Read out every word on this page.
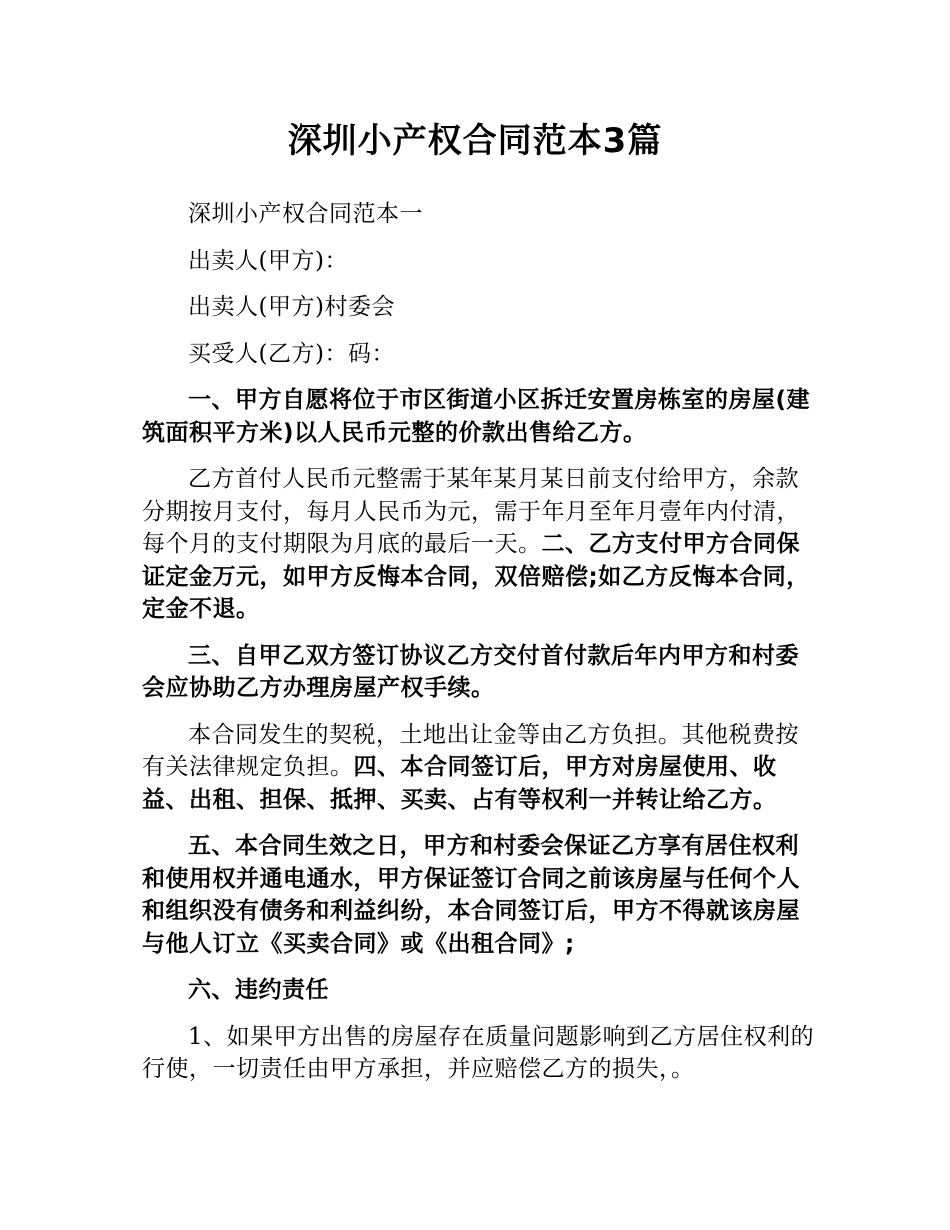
深圳小产权合同范本3篇

深圳小产权合同范本一

出卖人(甲方)：

出卖人(甲方)村委会

买受人(乙方)：码：

一、甲方自愿将位于市区街道小区拆迁安置房栋室的房屋(建筑面积平方米)以人民币元整的价款出售给乙方。

乙方首付人民币元整需于某年某月某日前支付给甲方，余款分期按月支付，每月人民币为元，需于年月至年月壹年内付清，每个月的支付期限为月底的最后一天。二、乙方支付甲方合同保证定金万元，如甲方反悔本合同，双倍赔偿;如乙方反悔本合同，定金不退。

三、自甲乙双方签订协议乙方交付首付款后年内甲方和村委会应协助乙方办理房屋产权手续。

本合同发生的契税，土地出让金等由乙方负担。其他税费按有关法律规定负担。四、本合同签订后，甲方对房屋使用、收益、出租、担保、抵押、买卖、占有等权利一并转让给乙方。

五、本合同生效之日，甲方和村委会保证乙方享有居住权利和使用权并通电通水，甲方保证签订合同之前该房屋与任何个人和组织没有债务和利益纠纷，本合同签订后，甲方不得就该房屋与他人订立《买卖合同》或《出租合同》;

六、违约责任

1、如果甲方出售的房屋存在质量问题影响到乙方居住权利的行使，一切责任由甲方承担，并应赔偿乙方的损失，。
